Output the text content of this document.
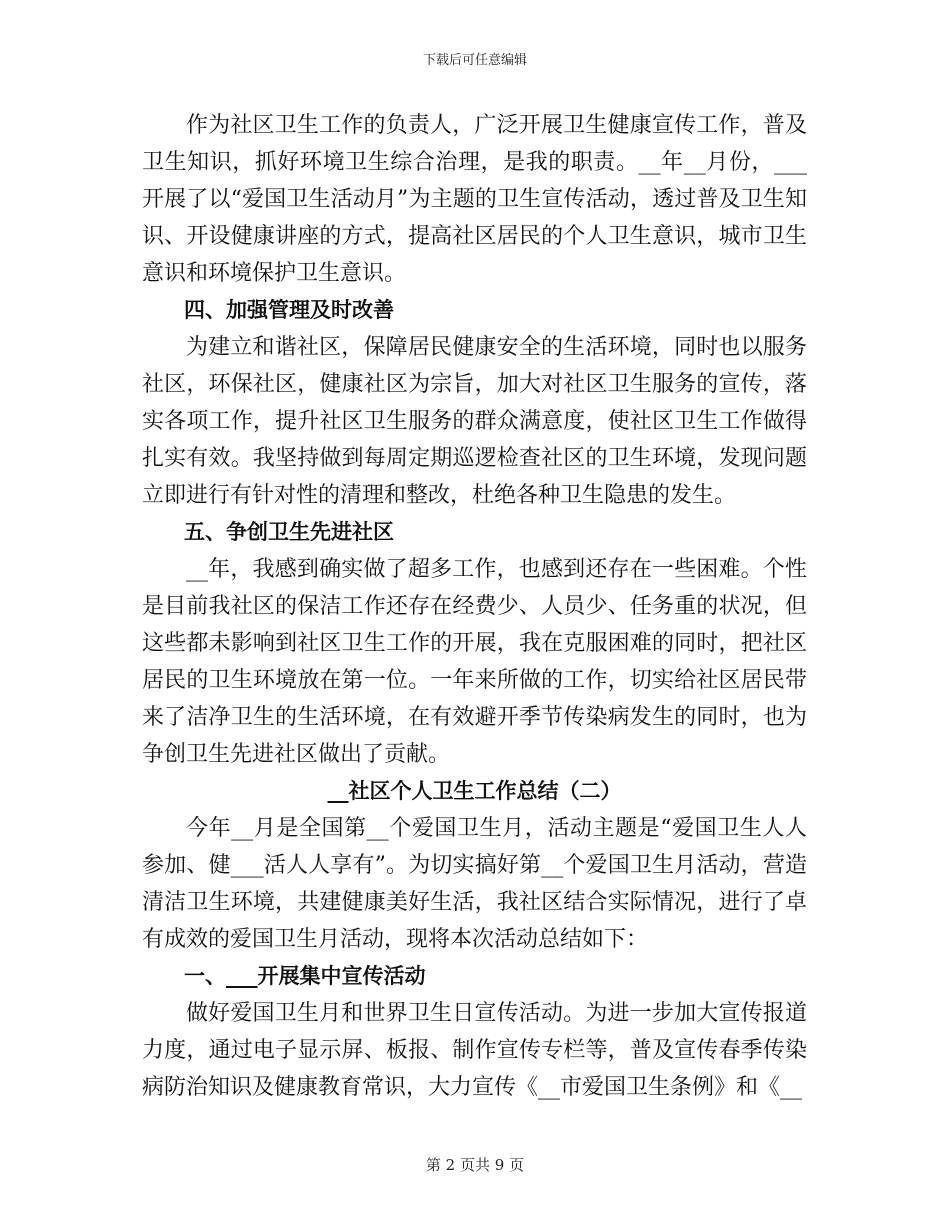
下载后可任意编辑

作为社区卫生工作的负责人，广泛开展卫生健康宣传工作，普及卫生知识，抓好环境卫生综合治理，是我的职责。__年__月份，___开展了以“爱国卫生活动月”为主题的卫生宣传活动，透过普及卫生知识、开设健康讲座的方式，提高社区居民的个人卫生意识，城市卫生意识和环境保护卫生意识。

四、加强管理及时改善

为建立和谐社区，保障居民健康安全的生活环境，同时也以服务社区，环保社区，健康社区为宗旨，加大对社区卫生服务的宣传，落实各项工作，提升社区卫生服务的群众满意度，使社区卫生工作做得扎实有效。我坚持做到每周定期巡逻检查社区的卫生环境，发现问题立即进行有针对性的清理和整改，杜绝各种卫生隐患的发生。

五、争创卫生先进社区

__年，我感到确实做了超多工作，也感到还存在一些困难。个性是目前我社区的保洁工作还存在经费少、人员少、任务重的状况，但这些都未影响到社区卫生工作的开展，我在克服困难的同时，把社区居民的卫生环境放在第一位。一年来所做的工作，切实给社区居民带来了洁净卫生的生活环境，在有效避开季节传染病发生的同时，也为争创卫生先进社区做出了贡献。

__社区个人卫生工作总结（二）

今年__月是全国第__个爱国卫生月，活动主题是“爱国卫生人人参加、健___活人人享有”。为切实搞好第__个爱国卫生月活动，营造清洁卫生环境，共建健康美好生活，我社区结合实际情况，进行了卓有成效的爱国卫生月活动，现将本次活动总结如下：

一、___开展集中宣传活动

做好爱国卫生月和世界卫生日宣传活动。为进一步加大宣传报道力度，通过电子显示屏、板报、制作宣传专栏等，普及宣传春季传染病防治知识及健康教育常识，大力宣传《__市爱国卫生条例》和《__

第 2 页共 9 页
